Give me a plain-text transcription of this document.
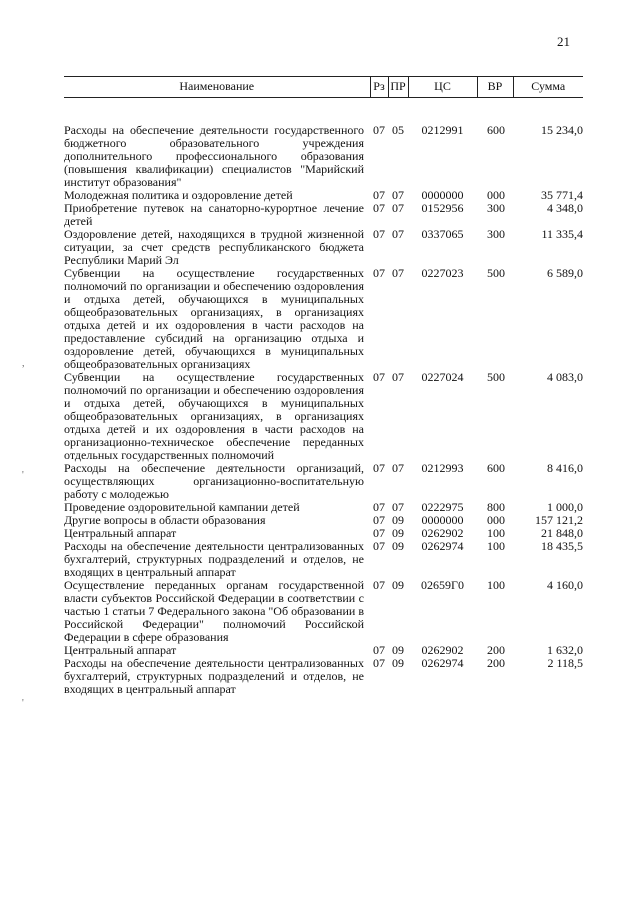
21
,
'
'
Наименование	Рз	ПР	ЦС	ВР	Сумма
Расходы на обеспечение деятельности государственного бюджетного образовательного учреждения дополнительного профессионального образования (повышения квалификации) специалистов "Марийский институт образования"	07	05	0212991	600	15 234,0
Молодежная политика и оздоровление детей	07	07	0000000	000	35 771,4
Приобретение путевок на санаторно-курортное лечение детей	07	07	0152956	300	4 348,0
Оздоровление детей, находящихся в трудной жизненной ситуации, за счет средств республиканского бюджета Республики Марий Эл	07	07	0337065	300	11 335,4
Субвенции на осуществление государственных полномочий по организации и обеспечению оздоровления и отдыха детей, обучающихся в муниципальных общеобразовательных организациях, в организациях отдыха детей и их оздоровления в части расходов на предоставление субсидий на организацию отдыха и оздоровление детей, обучающихся в муниципальных общеобразовательных организациях	07	07	0227023	500	6 589,0
Субвенции на осуществление государственных полномочий по организации и обеспечению оздоровления и отдыха детей, обучающихся в муниципальных общеобразовательных организациях, в организациях отдыха детей и их оздоровления в части расходов на организационно-техническое обеспечение переданных отдельных государственных полномочий	07	07	0227024	500	4 083,0
Расходы на обеспечение деятельности организаций, осуществляющих организационно-воспитательную работу с молодежью	07	07	0212993	600	8 416,0
Проведение оздоровительной кампании детей	07	07	0222975	800	1 000,0
Другие вопросы в области образования	07	09	0000000	000	157 121,2
Центральный аппарат	07	09	0262902	100	21 848,0
Расходы на обеспечение деятельности централизованных бухгалтерий, структурных подразделений и отделов, не входящих в центральный аппарат	07	09	0262974	100	18 435,5
Осуществление переданных органам государственной власти субъектов Российской Федерации в соответствии с частью 1 статьи 7 Федерального закона "Об образовании в Российской Федерации" полномочий Российской Федерации в сфере образования	07	09	02659Г0	100	4 160,0
Центральный аппарат	07	09	0262902	200	1 632,0
Расходы на обеспечение деятельности централизованных бухгалтерий, структурных подразделений и отделов, не входящих в центральный аппарат	07	09	0262974	200	2 118,5
